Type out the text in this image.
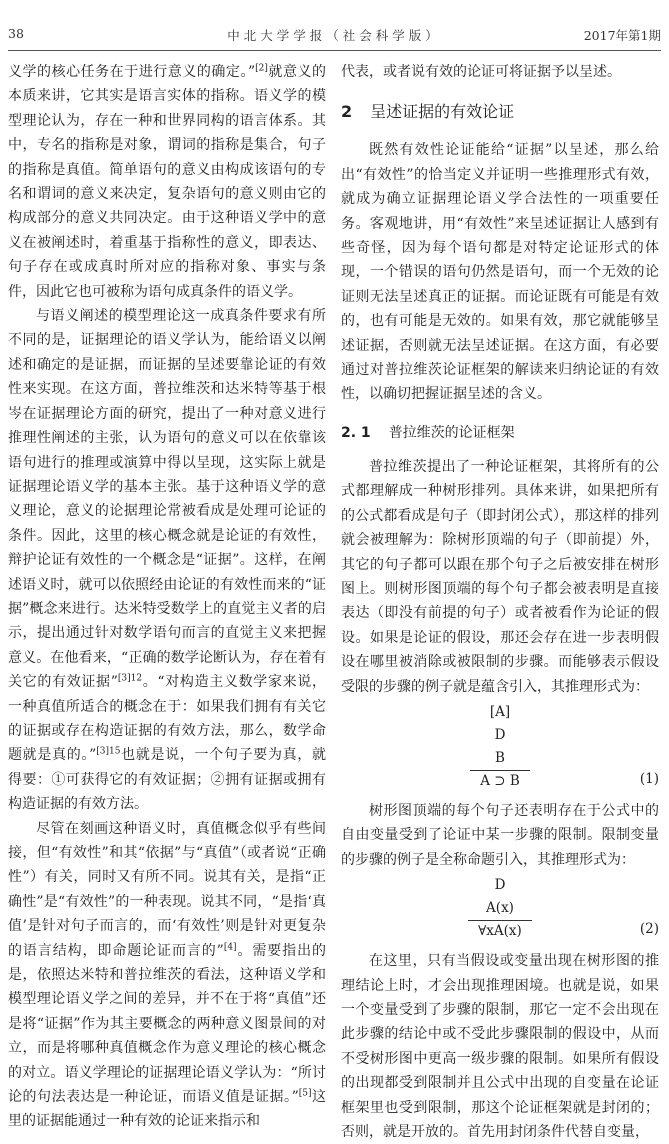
38	中北大学学报（社会科学版）	2017年第1期

义学的核心任务在于进行意义的确定。”[2]就意义的本质来讲，它其实是语言实体的指称。语义学的模型理论认为，存在一种和世界同构的语言体系。其中，专名的指称是对象，谓词的指称是集合，句子的指称是真值。简单语句的意义由构成该语句的专名和谓词的意义来决定，复杂语句的意义则由它的构成部分的意义共同决定。由于这种语义学中的意义在被阐述时，着重基于指称性的意义，即表达、句子存在或成真时所对应的指称对象、事实与条件，因此它也可被称为语句成真条件的语义学。

与语义阐述的模型理论这一成真条件要求有所不同的是，证据理论的语义学认为，能给语义以阐述和确定的是证据，而证据的呈述要靠论证的有效性来实现。在这方面，普拉维茨和达米特等基于根岑在证据理论方面的研究，提出了一种对意义进行推理性阐述的主张，认为语句的意义可以在依靠该语句进行的推理或演算中得以呈现，这实际上就是证据理论语义学的基本主张。基于这种语义学的意义理论，意义的论据理论常被看成是处理可论证的条件。因此，这里的核心概念就是论证的有效性，辩护论证有效性的一个概念是“证据”。这样，在阐述语义时，就可以依照经由论证的有效性而来的“证据”概念来进行。达米特受数学上的直觉主义者的启示，提出通过针对数学语句而言的直觉主义来把握意义。在他看来，“正确的数学论断认为，存在着有关它的有效证据”$^{[3]12}$。“对构造主义数学家来说，一种真值所适合的概念在于：如果我们拥有有关它的证据或存在构造证据的有效方法，那么，数学命题就是真的。”$^{[3]15}$也就是说，一个句子要为真，就得要：①可获得它的有效证据；②拥有证据或拥有构造证据的有效方法。

尽管在刻画这种语义时，真值概念似乎有些间接，但“有效性”和其“依据”与“真值”（或者说“正确性”）有关，同时又有所不同。说其有关，是指“正确性”是“有效性”的一种表现。说其不同，“是指‘真值’是针对句子而言的，而‘有效性’则是针对更复杂的语言结构，即命题论证而言的”[4]。需要指出的是，依照达米特和普拉维茨的看法，这种语义学和模型理论语义学之间的差异，并不在于将“真值”还是将“证据”作为其主要概念的两种意义图景间的对立，而是将哪种真值概念作为意义理论的核心概念的对立。语义学理论的证据理论语义学认为：“所讨论的句法表达是一种论证，而语义值是证据。”[5]这里的证据能通过一种有效的论证来指示和

代表，或者说有效的论证可将证据予以呈述。

2 呈述证据的有效论证

既然有效性论证能给“证据”以呈述，那么给出“有效性”的恰当定义并证明一些推理形式有效，就成为确立证据理论语义学合法性的一项重要任务。客观地讲，用“有效性”来呈述证据让人感到有些奇怪，因为每个语句都是对特定论证形式的体现，一个错误的语句仍然是语句，而一个无效的论证则无法呈述真正的证据。而论证既有可能是有效的，也有可能是无效的。如果有效，那它就能够呈述证据，否则就无法呈述证据。在这方面，有必要通过对普拉维茨论证框架的解读来归纳论证的有效性，以确切把握证据呈述的含义。

2. 1 普拉维茨的论证框架

普拉维茨提出了一种论证框架，其将所有的公式都理解成一种树形排列。具体来讲，如果把所有的公式都看成是句子（即封闭公式），那这样的排列就会被理解为：除树形顶端的句子（即前提）外，其它的句子都可以跟在那个句子之后被安排在树形图上。则树形图顶端的每个句子都会被表明是直接表达（即没有前提的句子）或者被看作为论证的假设。如果是论证的假设，那还会存在进一步表明假设在哪里被消除或被限制的步骤。而能够表示假设受限的步骤的例子就是蕴含引入，其推理形式为：

[A]
D
B
A ⊃ B	(1)

树形图顶端的每个句子还表明存在于公式中的自由变量受到了论证中某一步骤的限制。限制变量的步骤的例子是全称命题引入，其推理形式为：

D
A(x)
∀xA(x)	(2)

在这里，只有当假设或变量出现在树形图的推理结论上时，才会出现推理困境。也就是说，如果一个变量受到了步骤的限制，那它一定不会出现在此步骤的结论中或不受此步骤限制的假设中，从而不受树形图中更高一级步骤的限制。如果所有假设的出现都受到限制并且公式中出现的自变量在论证框架里也受到限制，那这个论证框架就是封闭的；否则，就是开放的。首先用封闭条件代替自变量，
